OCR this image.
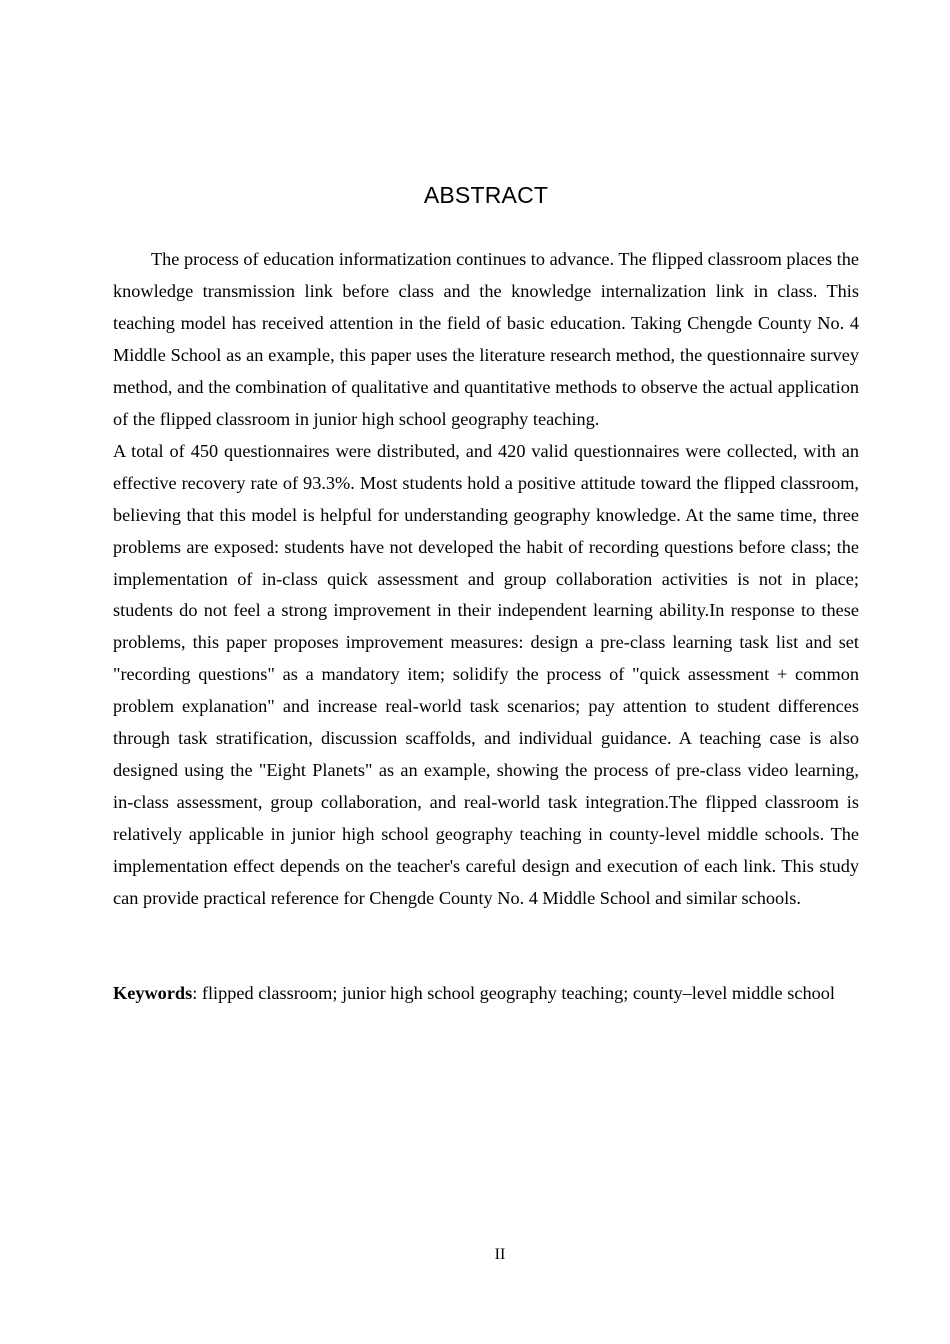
ABSTRACT

The process of education informatization continues to advance. The flipped classroom places the knowledge transmission link before class and the knowledge internalization link in class. This teaching model has received attention in the field of basic education. Taking Chengde County No. 4 Middle School as an example, this paper uses the literature research method, the questionnaire survey method, and the combination of qualitative and quantitative methods to observe the actual application of the flipped classroom in junior high school geography teaching.

A total of 450 questionnaires were distributed, and 420 valid questionnaires were collected, with an effective recovery rate of 93.3%. Most students hold a positive attitude toward the flipped classroom, believing that this model is helpful for understanding geography knowledge. At the same time, three problems are exposed: students have not developed the habit of recording questions before class; the implementation of in-class quick assessment and group collaboration activities is not in place; students do not feel a strong improvement in their independent learning ability.In response to these problems, this paper proposes improvement measures: design a pre-class learning task list and set "recording questions" as a mandatory item; solidify the process of "quick assessment + common problem explanation" and increase real-world task scenarios; pay attention to student differences through task stratification, discussion scaffolds, and individual guidance. A teaching case is also designed using the "Eight Planets" as an example, showing the process of pre-class video learning, in-class assessment, group collaboration, and real-world task integration.The flipped classroom is relatively applicable in junior high school geography teaching in county-level middle schools. The implementation effect depends on the teacher's careful design and execution of each link. This study can provide practical reference for Chengde County No. 4 Middle School and similar schools.

Keywords: flipped classroom; junior high school geography teaching; county–level middle school

II
